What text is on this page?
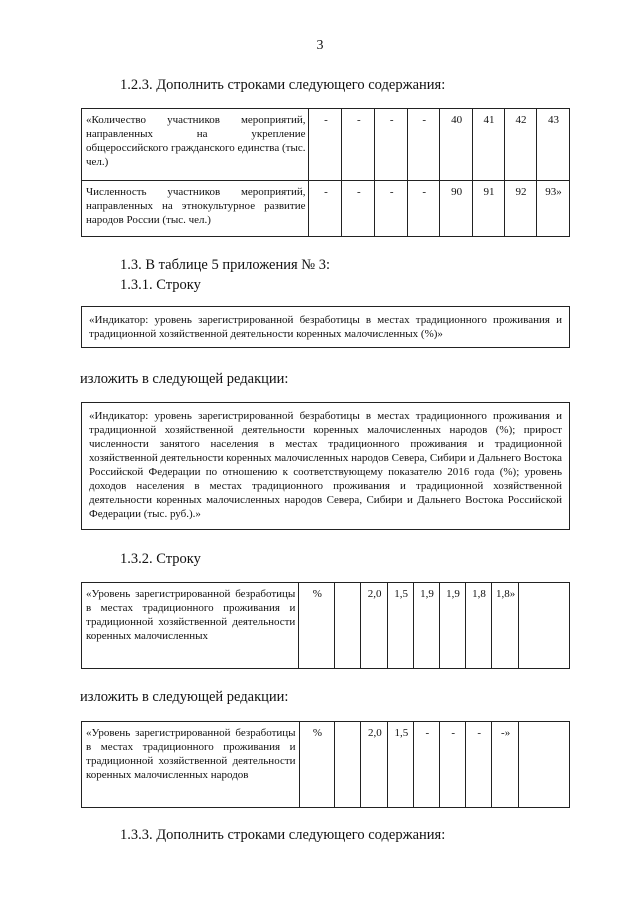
3
1.2.3. Дополнить строками следующего содержания:
«Количество участников мероприятий, направленных на укрепление общероссийского гражданского единства (тыс. чел.)	-	-	-	-	40	41	42	43
Численность участников мероприятий, направленных на этнокультурное развитие народов России (тыс. чел.)	-	-	-	-	90	91	92	93»
1.3. В таблице 5 приложения № 3:
1.3.1. Строку
«Индикатор: уровень зарегистрированной безработицы в местах традиционного проживания и традиционной хозяйственной деятельности коренных малочисленных (%)»
изложить в следующей редакции:
«Индикатор: уровень зарегистрированной безработицы в местах традиционного проживания и традиционной хозяйственной деятельности коренных малочисленных народов (%); прирост численности занятого населения в местах традиционного проживания и традиционной хозяйственной деятельности коренных малочисленных народов Севера, Сибири и Дальнего Востока Российской Федерации по отношению к соответствующему показателю 2016 года (%); уровень доходов населения в местах традиционного проживания и традиционной хозяйственной деятельности коренных малочисленных народов Севера, Сибири и Дальнего Востока Российской Федерации (тыс. руб.).»
1.3.2. Строку
«Уровень зарегистрированной безработицы в местах традиционного проживания и традиционной хозяйственной деятельности коренных малочисленных	%		2,0	1,5	1,9	1,9	1,8	1,8»	
изложить в следующей редакции:
«Уровень зарегистрированной безработицы в местах традиционного проживания и традиционной хозяйственной деятельности коренных малочисленных народов	%		2,0	1,5	-	-	-	-»	
1.3.3. Дополнить строками следующего содержания:
